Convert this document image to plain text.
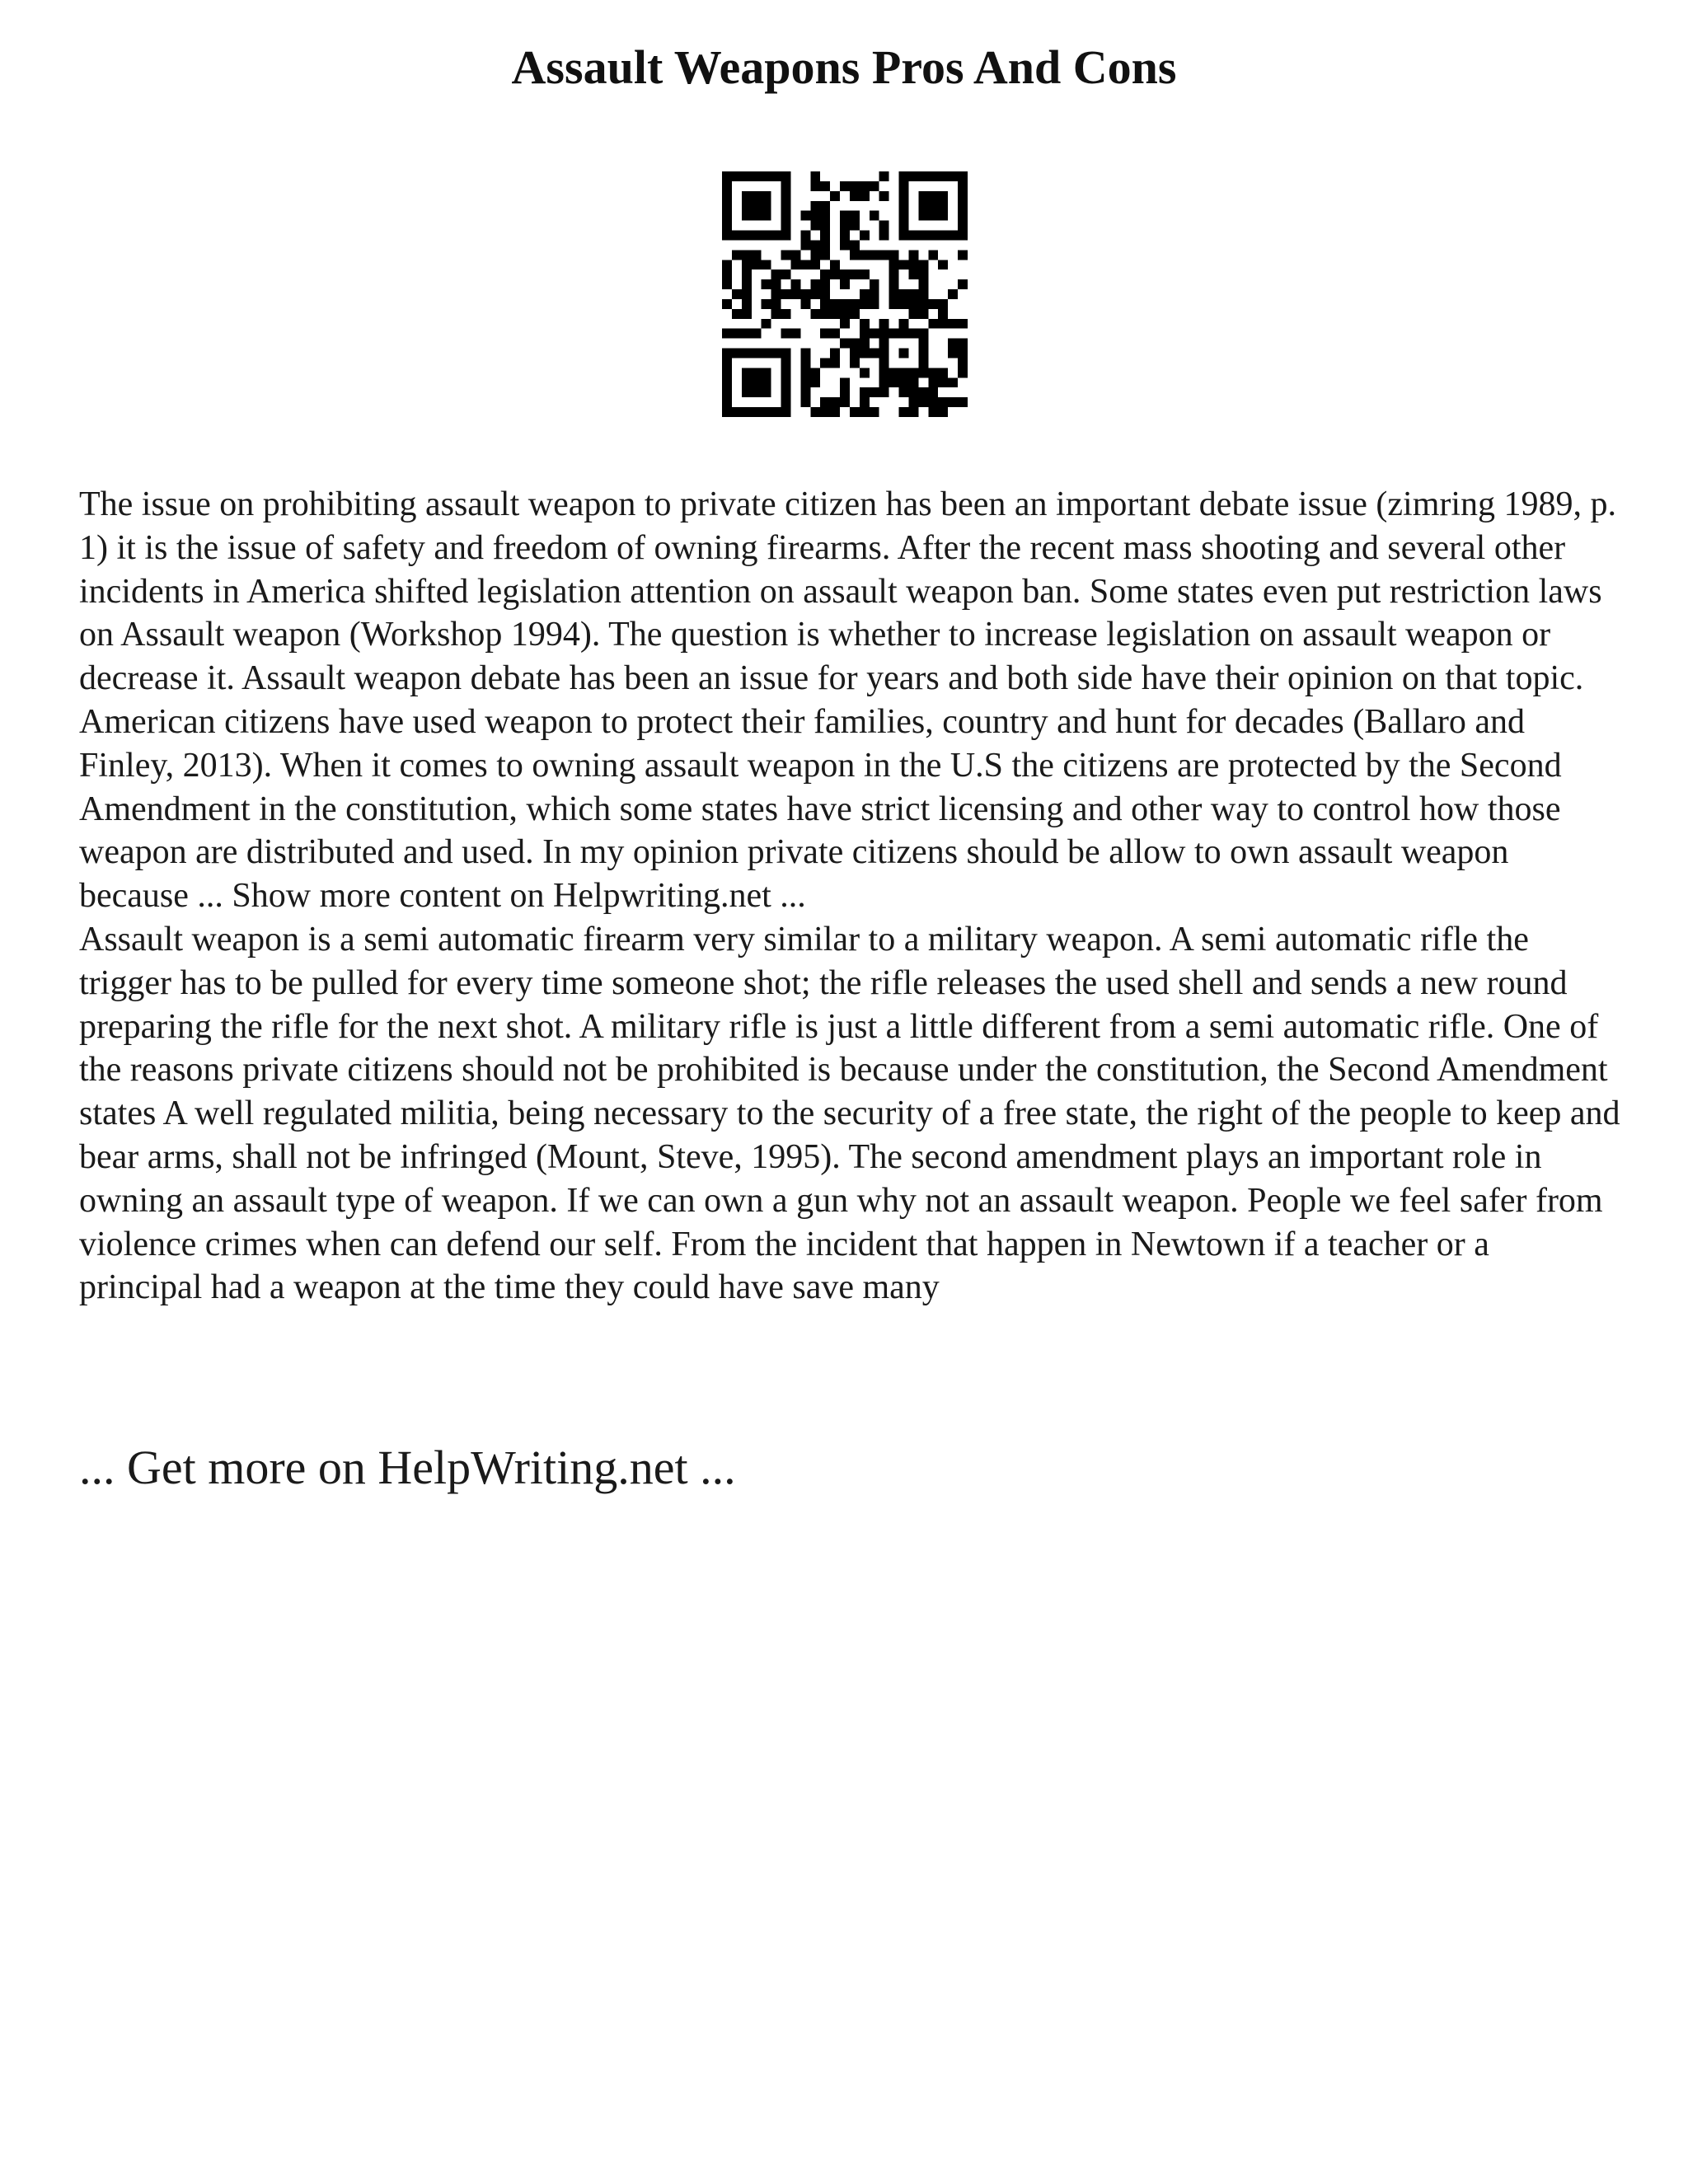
Assault Weapons Pros And Cons

The issue on prohibiting assault weapon to private citizen has been an important debate issue (zimring 1989, p. 1) it is the issue of safety and freedom of owning firearms. After the recent mass shooting and several other incidents in America shifted legislation attention on assault weapon ban. Some states even put restriction laws on Assault weapon (Workshop 1994). The question is whether to increase legislation on assault weapon or decrease it. Assault weapon debate has been an issue for years and both side have their opinion on that topic. American citizens have used weapon to protect their families, country and hunt for decades (Ballaro and Finley, 2013). When it comes to owning assault weapon in the U.S the citizens are protected by the Second Amendment in the constitution, which some states have strict licensing and other way to control how those weapon are distributed and used. In my opinion private citizens should be allow to own assault weapon because ... Show more content on Helpwriting.net ...

Assault weapon is a semi automatic firearm very similar to a military weapon. A semi automatic rifle the trigger has to be pulled for every time someone shot; the rifle releases the used shell and sends a new round preparing the rifle for the next shot. A military rifle is just a little different from a semi automatic rifle. One of the reasons private citizens should not be prohibited is because under the constitution, the Second Amendment states A well regulated militia, being necessary to the security of a free state, the right of the people to keep and bear arms, shall not be infringed (Mount, Steve, 1995). The second amendment plays an important role in owning an assault type of weapon. If we can own a gun why not an assault weapon. People we feel safer from violence crimes when can defend our self. From the incident that happen in Newtown if a teacher or a principal had a weapon at the time they could have save many

... Get more on HelpWriting.net ...
